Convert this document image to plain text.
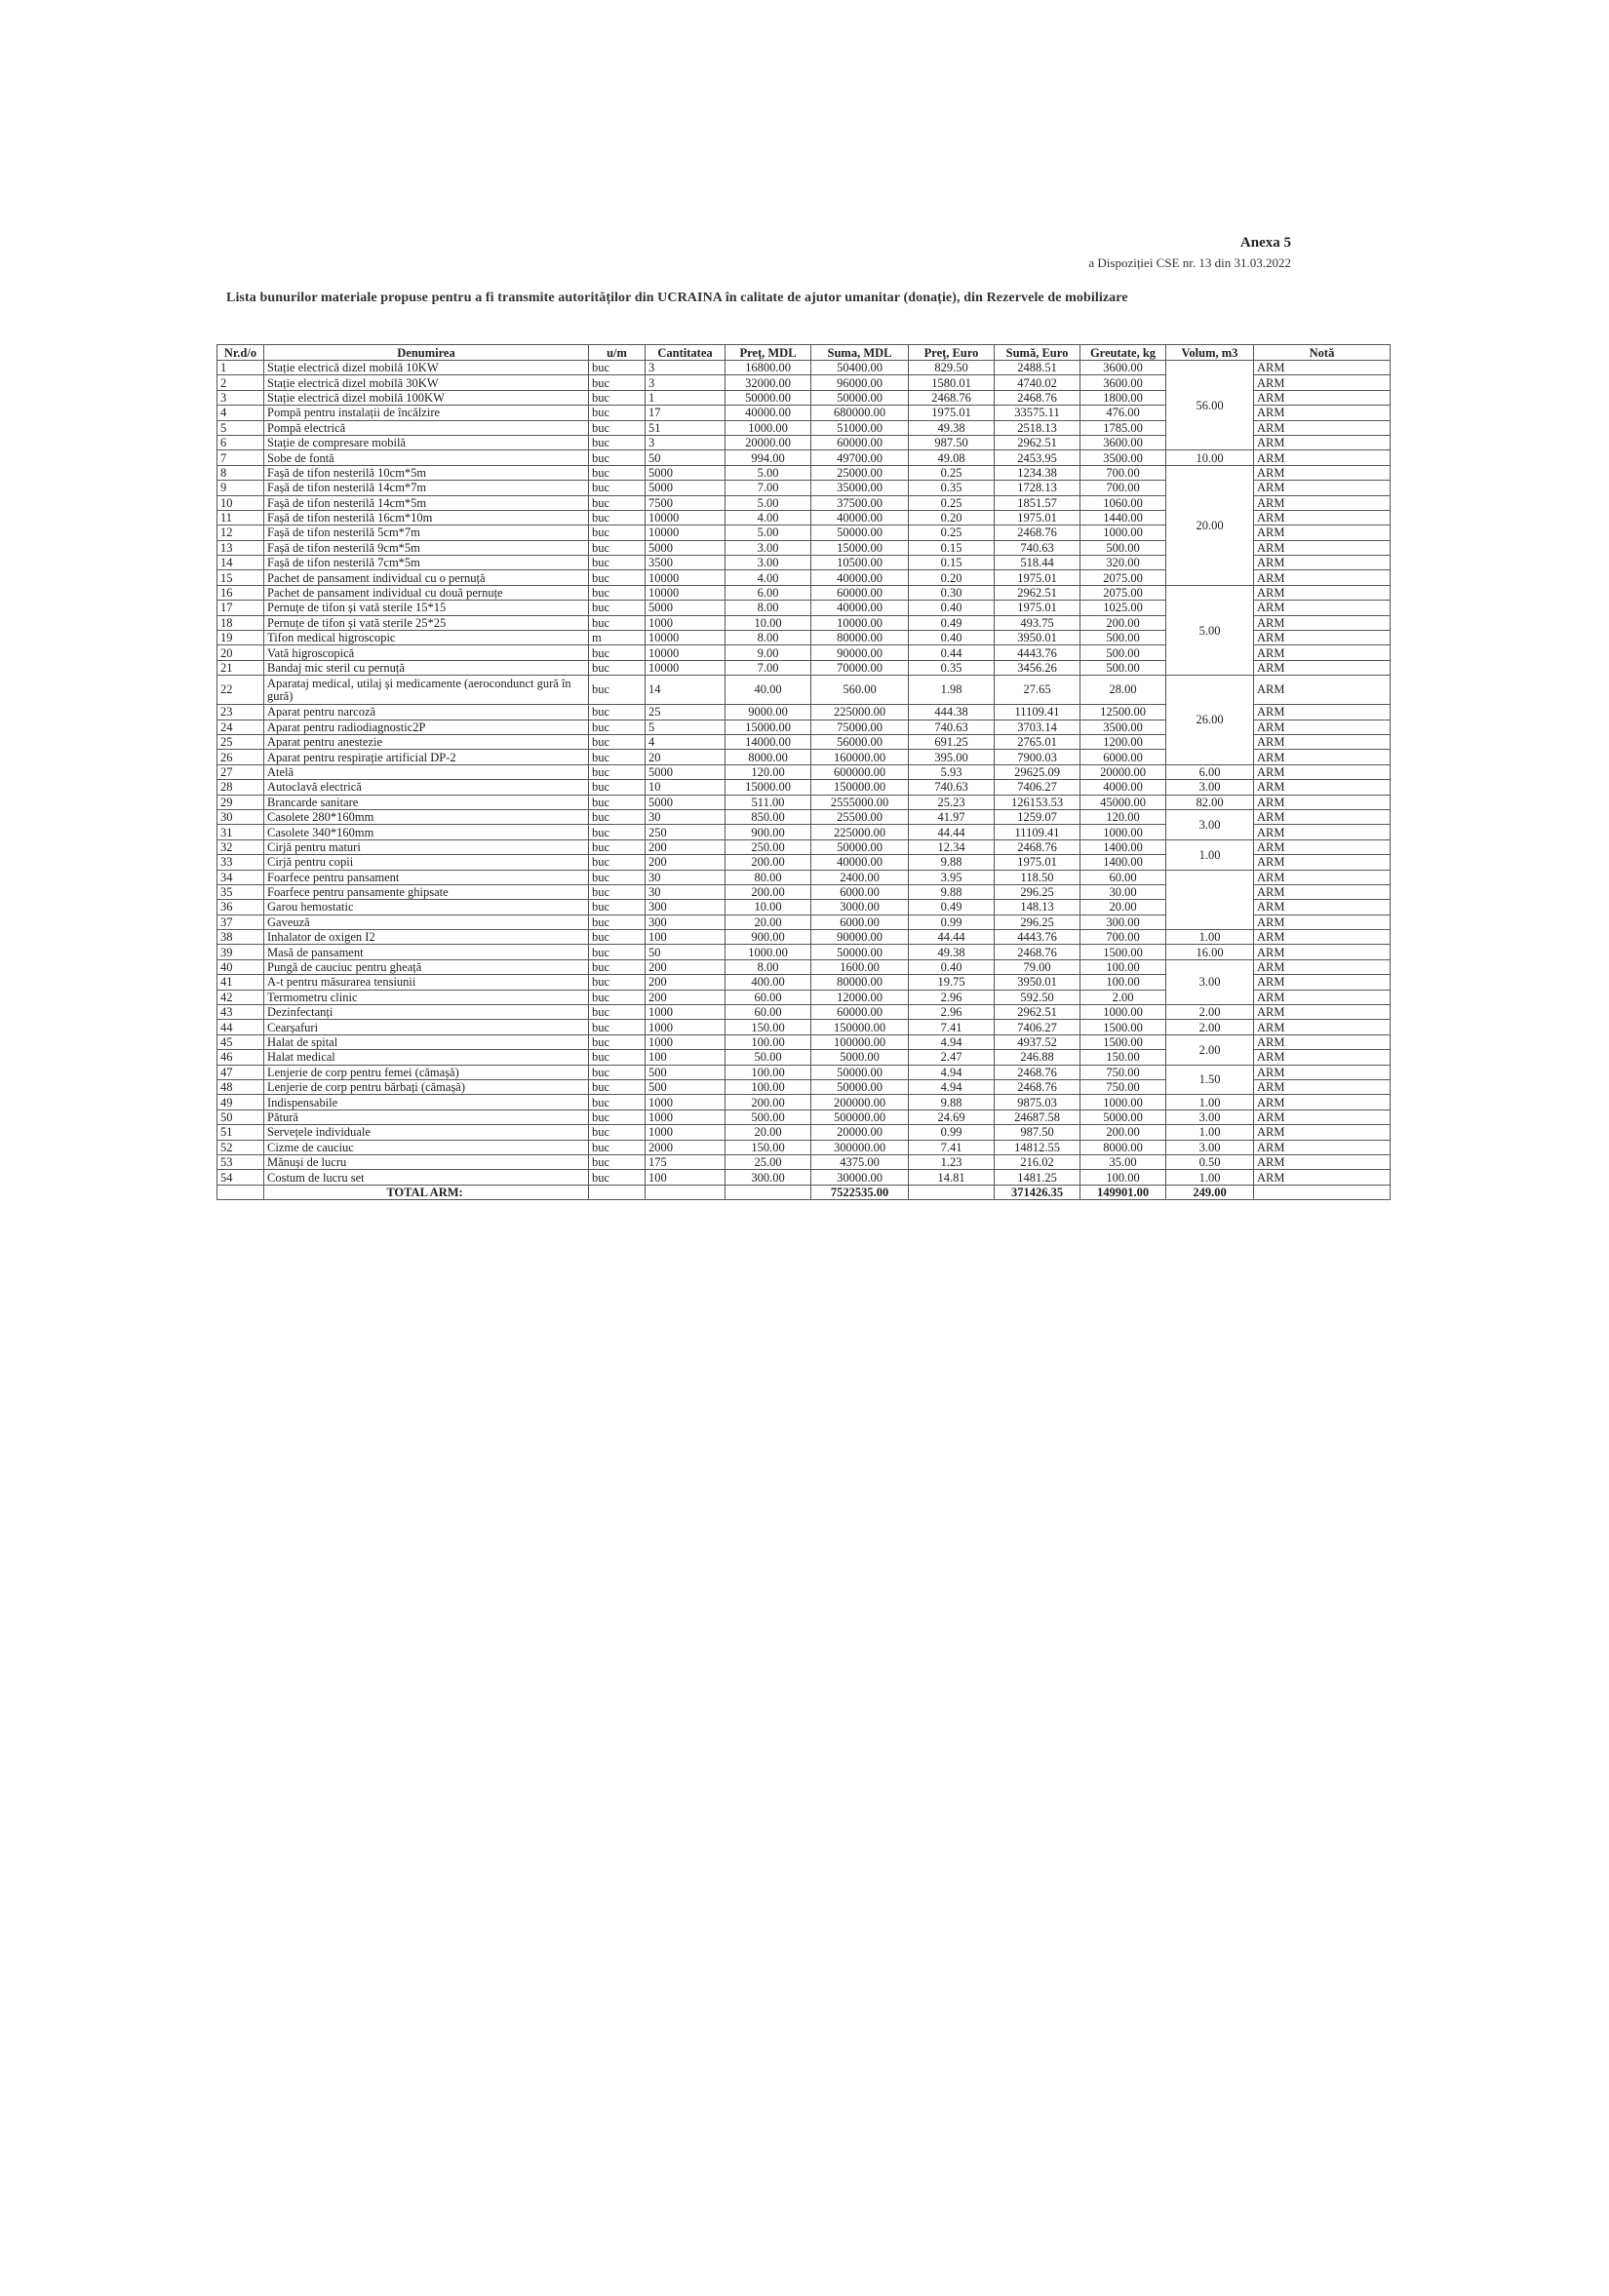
Anexa 5
a Dispoziției CSE nr. 13 din 31.03.2022
Lista bunurilor materiale propuse pentru a fi transmite autorităților din UCRAINA în calitate de ajutor umanitar (donație), din Rezervele de mobilizare
Nr.d/o	Denumirea	u/m	Cantitatea	Preț, MDL	Suma, MDL	Preț, Euro	Sumă, Euro	Greutate, kg	Volum, m3	Notă
1	Stație electrică dizel mobilă 10KW	buc	3	16800.00	50400.00	829.50	2488.51	3600.00	56.00	ARM
2	Stație electrică dizel mobilă 30KW	buc	3	32000.00	96000.00	1580.01	4740.02	3600.00		ARM
3	Stație electrică dizel mobilă 100KW	buc	1	50000.00	50000.00	2468.76	2468.76	1800.00		ARM
4	Pompă pentru instalații de încălzire	buc	17	40000.00	680000.00	1975.01	33575.11	476.00		ARM
5	Pompă electrică	buc	51	1000.00	51000.00	49.38	2518.13	1785.00		ARM
6	Stație de compresare mobilă	buc	3	20000.00	60000.00	987.50	2962.51	3600.00		ARM
7	Sobe de fontă	buc	50	994.00	49700.00	49.08	2453.95	3500.00	10.00	ARM
8	Fașă de tifon nesterilă 10cm*5m	buc	5000	5.00	25000.00	0.25	1234.38	700.00	20.00	ARM
9	Fașă de tifon nesterilă 14cm*7m	buc	5000	7.00	35000.00	0.35	1728.13	700.00		ARM
10	Fașă de tifon nesterilă 14cm*5m	buc	7500	5.00	37500.00	0.25	1851.57	1060.00		ARM
11	Fașă de tifon nesterilă 16cm*10m	buc	10000	4.00	40000.00	0.20	1975.01	1440.00		ARM
12	Fașă de tifon nesterilă 5cm*7m	buc	10000	5.00	50000.00	0.25	2468.76	1000.00		ARM
13	Fașă de tifon nesterilă 9cm*5m	buc	5000	3.00	15000.00	0.15	740.63	500.00		ARM
14	Fașă de tifon nesterilă 7cm*5m	buc	3500	3.00	10500.00	0.15	518.44	320.00		ARM
15	Pachet de pansament individual cu o pernuță	buc	10000	4.00	40000.00	0.20	1975.01	2075.00		ARM
16	Pachet de pansament individual cu două pernuțe	buc	10000	6.00	60000.00	0.30	2962.51	2075.00	5.00	ARM
17	Pernuțe de tifon și vată sterile 15*15	buc	5000	8.00	40000.00	0.40	1975.01	1025.00		ARM
18	Pernuțe de tifon și vată sterile 25*25	buc	1000	10.00	10000.00	0.49	493.75	200.00		ARM
19	Tifon medical higroscopic	m	10000	8.00	80000.00	0.40	3950.01	500.00		ARM
20	Vată higroscopică	buc	10000	9.00	90000.00	0.44	4443.76	500.00		ARM
21	Bandaj mic steril cu pernuță	buc	10000	7.00	70000.00	0.35	3456.26	500.00		ARM
22	Aparataj medical, utilaj și medicamente (aerocondunct gură în gură)	buc	14	40.00	560.00	1.98	27.65	28.00	26.00	ARM
23	Aparat pentru narcoză	buc	25	9000.00	225000.00	444.38	11109.41	12500.00		ARM
24	Aparat pentru radiodiagnostic2P	buc	5	15000.00	75000.00	740.63	3703.14	3500.00		ARM
25	Aparat pentru anestezie	buc	4	14000.00	56000.00	691.25	2765.01	1200.00		ARM
26	Aparat pentru respirație artificial DP-2	buc	20	8000.00	160000.00	395.00	7900.03	6000.00		ARM
27	Atelă	buc	5000	120.00	600000.00	5.93	29625.09	20000.00	6.00	ARM
28	Autoclavă electrică	buc	10	15000.00	150000.00	740.63	7406.27	4000.00	3.00	ARM
29	Brancarde sanitare	buc	5000	511.00	2555000.00	25.23	126153.53	45000.00	82.00	ARM
30	Casolete 280*160mm	buc	30	850.00	25500.00	41.97	1259.07	120.00	3.00	ARM
31	Casolete 340*160mm	buc	250	900.00	225000.00	44.44	11109.41	1000.00		ARM
32	Cirjă pentru maturi	buc	200	250.00	50000.00	12.34	2468.76	1400.00	1.00	ARM
33	Cirjă pentru copii	buc	200	200.00	40000.00	9.88	1975.01	1400.00		ARM
34	Foarfece pentru pansament	buc	30	80.00	2400.00	3.95	118.50	60.00		ARM
35	Foarfece pentru pansamente ghipsate	buc	30	200.00	6000.00	9.88	296.25	30.00		ARM
36	Garou hemostatic	buc	300	10.00	3000.00	0.49	148.13	20.00		ARM
37	Gaveuză	buc	300	20.00	6000.00	0.99	296.25	300.00		ARM
38	Inhalator de oxigen I2	buc	100	900.00	90000.00	44.44	4443.76	700.00	1.00	ARM
39	Masă de pansament	buc	50	1000.00	50000.00	49.38	2468.76	1500.00	16.00	ARM
40	Pungă de cauciuc pentru gheață	buc	200	8.00	1600.00	0.40	79.00	100.00	3.00	ARM
41	A-t pentru măsurarea tensiunii	buc	200	400.00	80000.00	19.75	3950.01	100.00		ARM
42	Termometru clinic	buc	200	60.00	12000.00	2.96	592.50	2.00		ARM
43	Dezinfectanți	buc	1000	60.00	60000.00	2.96	2962.51	1000.00	2.00	ARM
44	Cearșafuri	buc	1000	150.00	150000.00	7.41	7406.27	1500.00	2.00	ARM
45	Halat de spital	buc	1000	100.00	100000.00	4.94	4937.52	1500.00	2.00	ARM
46	Halat medical	buc	100	50.00	5000.00	2.47	246.88	150.00		ARM
47	Lenjerie de corp pentru femei (cămașă)	buc	500	100.00	50000.00	4.94	2468.76	750.00	1.50	ARM
48	Lenjerie de corp pentru bărbați (cămașă)	buc	500	100.00	50000.00	4.94	2468.76	750.00		ARM
49	Indispensabile	buc	1000	200.00	200000.00	9.88	9875.03	1000.00	1.00	ARM
50	Pătură	buc	1000	500.00	500000.00	24.69	24687.58	5000.00	3.00	ARM
51	Servețele individuale	buc	1000	20.00	20000.00	0.99	987.50	200.00	1.00	ARM
52	Cizme de cauciuc	buc	2000	150.00	300000.00	7.41	14812.55	8000.00	3.00	ARM
53	Mănuși de lucru	buc	175	25.00	4375.00	1.23	216.02	35.00	0.50	ARM
54	Costum de lucru set	buc	100	300.00	30000.00	14.81	1481.25	100.00	1.00	ARM
	TOTAL ARM:				7522535.00		371426.35	149901.00	249.00	
